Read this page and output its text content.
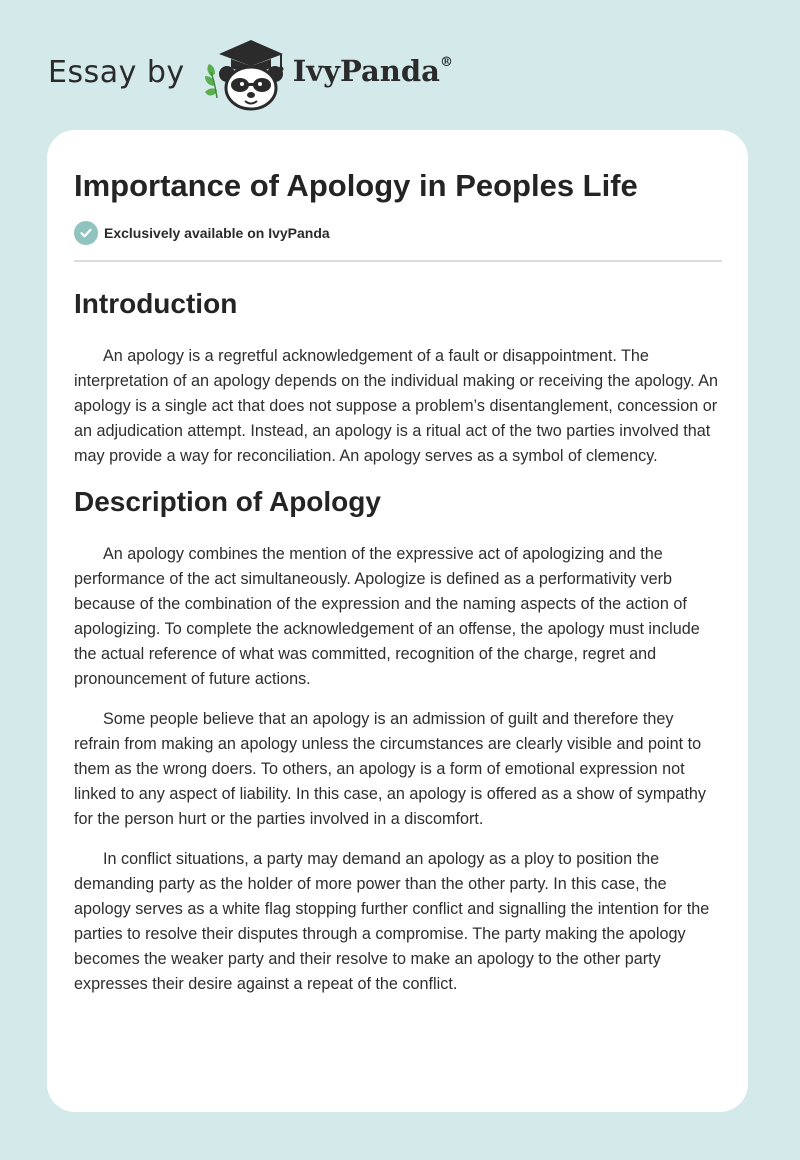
Essay by	IvyPanda®
Importance of Apology in Peoples Life
Exclusively available on IvyPanda
Introduction

An apology is a regretful acknowledgement of a fault or disappointment. The interpretation of an apology depends on the individual making or receiving the apology. An apology is a single act that does not suppose a problem’s disentanglement, concession or an adjudication attempt. Instead, an apology is a ritual act of the two parties involved that may provide a way for reconciliation. An apology serves as a symbol of clemency.

Description of Apology

An apology combines the mention of the expressive act of apologizing and the performance of the act simultaneously. Apologize is defined as a performativity verb because of the combination of the expression and the naming aspects of the action of apologizing. To complete the acknowledgement of an offense, the apology must include the actual reference of what was committed, recognition of the charge, regret and pronouncement of future actions.

Some people believe that an apology is an admission of guilt and therefore they refrain from making an apology unless the circumstances are clearly visible and point to them as the wrong doers. To others, an apology is a form of emotional expression not linked to any aspect of liability. In this case, an apology is offered as a show of sympathy for the person hurt or the parties involved in a discomfort.

In conflict situations, a party may demand an apology as a ploy to position the demanding party as the holder of more power than the other party. In this case, the apology serves as a white flag stopping further conflict and signalling the intention for the parties to resolve their disputes through a compromise. The party making the apology becomes the weaker party and their resolve to make an apology to the other party expresses their desire against a repeat of the conflict.
